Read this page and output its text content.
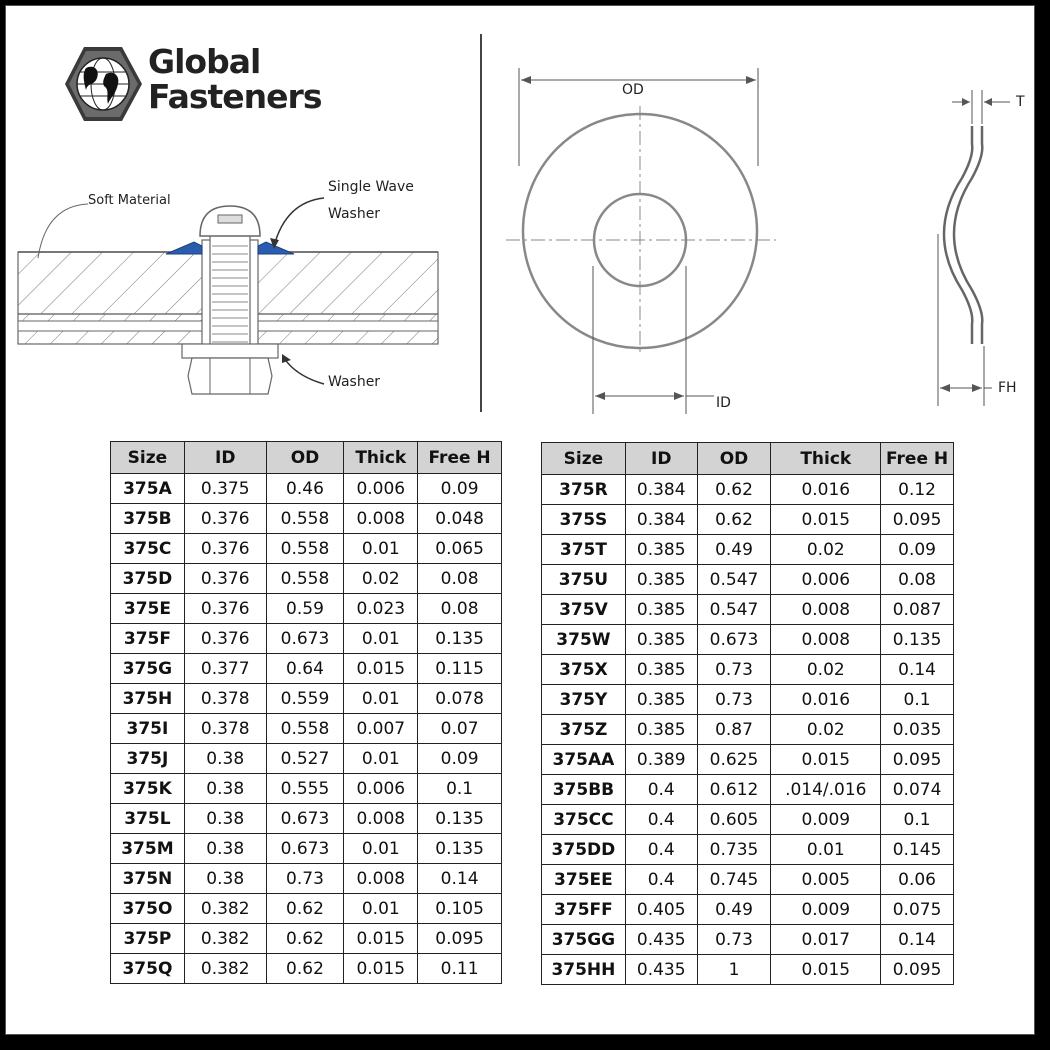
Global
Fasteners
Soft Material
Single Wave
Washer
Washer
OD
ID
T
FH
Size	ID	OD	Thick	Free H
375A	0.375	0.46	0.006	0.09
375B	0.376	0.558	0.008	0.048
375C	0.376	0.558	0.01	0.065
375D	0.376	0.558	0.02	0.08
375E	0.376	0.59	0.023	0.08
375F	0.376	0.673	0.01	0.135
375G	0.377	0.64	0.015	0.115
375H	0.378	0.559	0.01	0.078
375I	0.378	0.558	0.007	0.07
375J	0.38	0.527	0.01	0.09
375K	0.38	0.555	0.006	0.1
375L	0.38	0.673	0.008	0.135
375M	0.38	0.673	0.01	0.135
375N	0.38	0.73	0.008	0.14
375O	0.382	0.62	0.01	0.105
375P	0.382	0.62	0.015	0.095
375Q	0.382	0.62	0.015	0.11
Size	ID	OD	Thick	Free H
375R	0.384	0.62	0.016	0.12
375S	0.384	0.62	0.015	0.095
375T	0.385	0.49	0.02	0.09
375U	0.385	0.547	0.006	0.08
375V	0.385	0.547	0.008	0.087
375W	0.385	0.673	0.008	0.135
375X	0.385	0.73	0.02	0.14
375Y	0.385	0.73	0.016	0.1
375Z	0.385	0.87	0.02	0.035
375AA	0.389	0.625	0.015	0.095
375BB	0.4	0.612	.014/.016	0.074
375CC	0.4	0.605	0.009	0.1
375DD	0.4	0.735	0.01	0.145
375EE	0.4	0.745	0.005	0.06
375FF	0.405	0.49	0.009	0.075
375GG	0.435	0.73	0.017	0.14
375HH	0.435	1	0.015	0.095
